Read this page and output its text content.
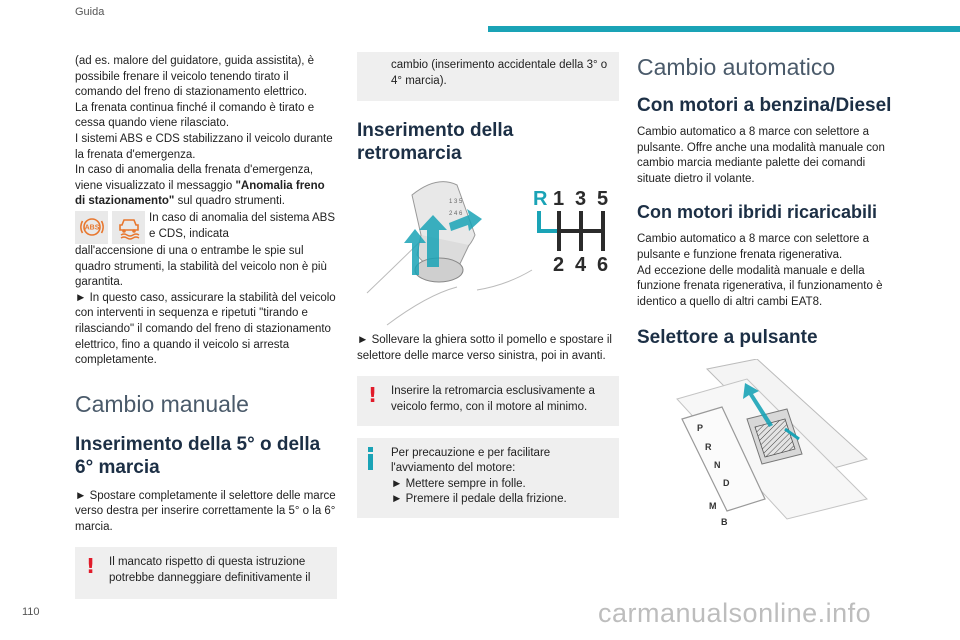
Guida

(ad es. malore del guidatore, guida assistita), è possibile frenare il veicolo tenendo tirato il comando del freno di stazionamento elettrico.

La frenata continua finché il comando è tirato e cessa quando viene rilasciato.

I sistemi ABS e CDS stabilizzano il veicolo durante la frenata d'emergenza.

In caso di anomalia della frenata d'emergenza, viene visualizzato il messaggio "Anomalia freno di stazionamento" sul quadro strumenti.

ABS

In caso di anomalia del sistema ABS e CDS, indicata

dall'accensione di una o entrambe le spie sul quadro strumenti, la stabilità del veicolo non è più garantita.

► In questo caso, assicurare la stabilità del veicolo con interventi in sequenza e ripetuti "tirando e rilasciando" il comando del freno di stazionamento elettrico, fino a quando il veicolo si arresta completamente.

Cambio manuale
Inserimento della 5° o della
6° marcia

► Spostare completamente il selettore delle marce verso destra per inserire correttamente la 5° o la 6° marcia.

! Il mancato rispetto di questa istruzione potrebbe danneggiare definitivamente il

cambio (inserimento accidentale della 3° o 4° marcia).

Inserimento della retromarcia
1 3 5
2 4 6
R 1 3 5
2 4 6

► Sollevare la ghiera sotto il pomello e spostare il selettore delle marce verso sinistra, poi in avanti.

! Inserire la retromarcia esclusivamente a veicolo fermo, con il motore al minimo.

Per precauzione e per facilitare l'avviamento del motore:

► Mettere sempre in folle.

► Premere il pedale della frizione.

Cambio automatico
Con motori a benzina/Diesel

Cambio automatico a 8 marce con selettore a pulsante. Offre anche una modalità manuale con cambio marcia mediante palette dei comandi situate dietro il volante.

Con motori ibridi ricaricabili

Cambio automatico a 8 marce con selettore a pulsante e funzione frenata rigenerativa.

Ad eccezione delle modalità manuale e della funzione frenata rigenerativa, il funzionamento è identico a quello di altri cambi EAT8.

Selettore a pulsante
P
R
N
D
M
B
110	carmanualsonline.info
